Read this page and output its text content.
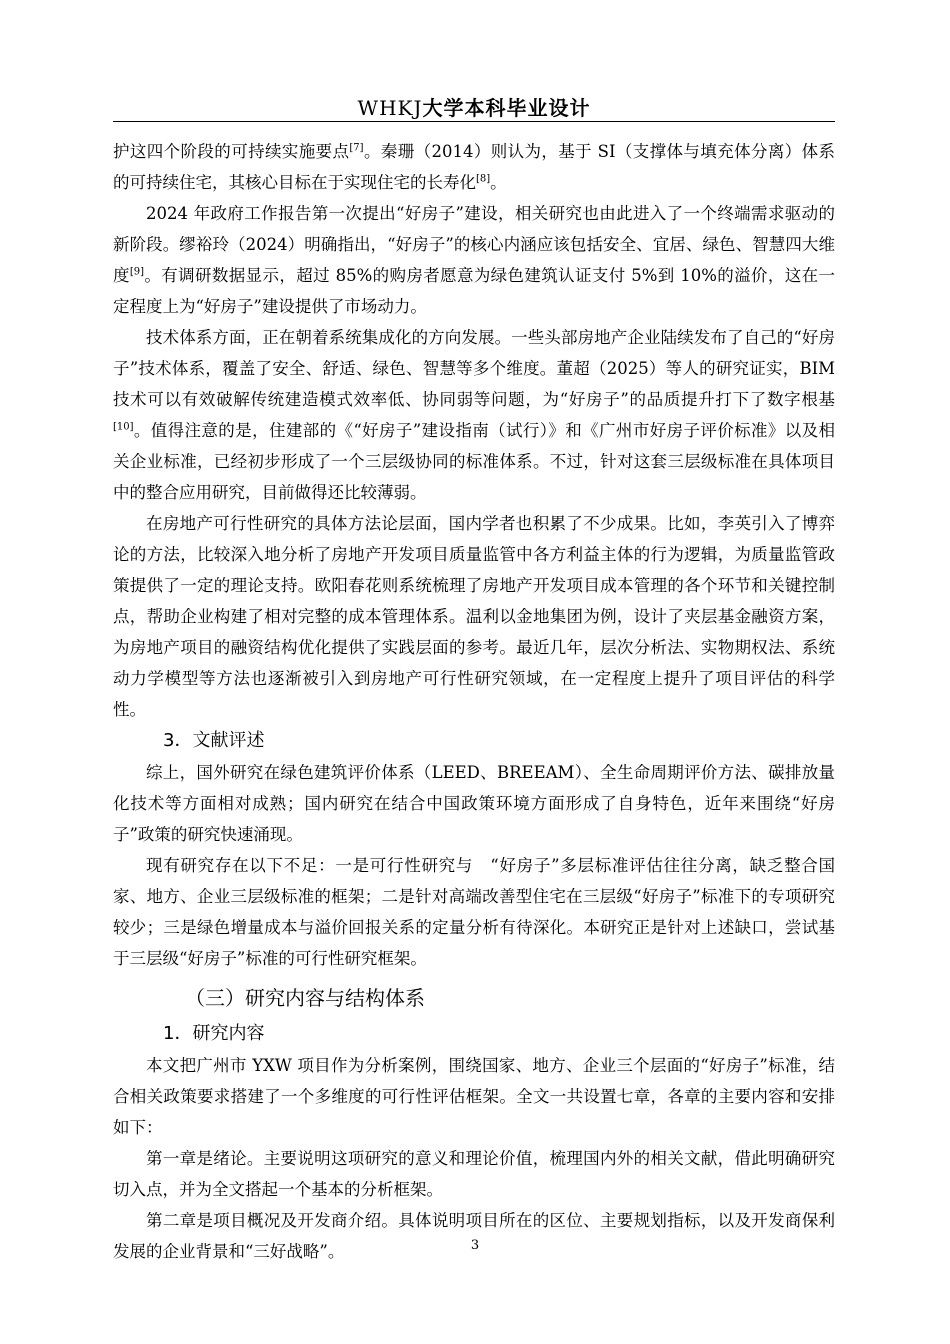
WHKJ大学本科毕业设计

护这四个阶段的可持续实施要点[7]。秦珊（2014）则认为，基于 SI（支撑体与填充体分离）体系的可持续住宅，其核心目标在于实现住宅的长寿化[8]。

2024 年政府工作报告第一次提出“好房子”建设，相关研究也由此进入了一个终端需求驱动的新阶段。缪裕玲（2024）明确指出，“好房子”的核心内涵应该包括安全、宜居、绿色、智慧四大维度[9]。有调研数据显示，超过 85%的购房者愿意为绿色建筑认证支付 5%到 10%的溢价，这在一定程度上为“好房子”建设提供了市场动力。

技术体系方面，正在朝着系统集成化的方向发展。一些头部房地产企业陆续发布了自己的“好房子”技术体系，覆盖了安全、舒适、绿色、智慧等多个维度。董超（2025）等人的研究证实，BIM 技术可以有效破解传统建造模式效率低、协同弱等问题，为“好房子”的品质提升打下了数字根基[10]。值得注意的是，住建部的《“好房子”建设指南（试行）》和《广州市好房子评价标准》以及相关企业标准，已经初步形成了一个三层级协同的标准体系。不过，针对这套三层级标准在具体项目中的整合应用研究，目前做得还比较薄弱。

在房地产可行性研究的具体方法论层面，国内学者也积累了不少成果。比如，李英引入了博弈论的方法，比较深入地分析了房地产开发项目质量监管中各方利益主体的行为逻辑，为质量监管政策提供了一定的理论支持。欧阳春花则系统梳理了房地产开发项目成本管理的各个环节和关键控制点，帮助企业构建了相对完整的成本管理体系。温利以金地集团为例，设计了夹层基金融资方案，为房地产项目的融资结构优化提供了实践层面的参考。最近几年，层次分析法、实物期权法、系统动力学模型等方法也逐渐被引入到房地产可行性研究领域，在一定程度上提升了项目评估的科学性。

3．文献评述

综上，国外研究在绿色建筑评价体系（LEED、BREEAM）、全生命周期评价方法、碳排放量化技术等方面相对成熟；国内研究在结合中国政策环境方面形成了自身特色，近年来围绕“好房子”政策的研究快速涌现。

现有研究存在以下不足：一是可行性研究与　“好房子”多层标准评估往往分离，缺乏整合国家、地方、企业三层级标准的框架；二是针对高端改善型住宅在三层级“好房子”标准下的专项研究较少；三是绿色增量成本与溢价回报关系的定量分析有待深化。本研究正是针对上述缺口，尝试基于三层级“好房子”标准的可行性研究框架。

（三）研究内容与结构体系
1．研究内容

本文把广州市 YXW 项目作为分析案例，围绕国家、地方、企业三个层面的“好房子”标准，结合相关政策要求搭建了一个多维度的可行性评估框架。全文一共设置七章，各章的主要内容和安排如下：

第一章是绪论。主要说明这项研究的意义和理论价值，梳理国内外的相关文献，借此明确研究切入点，并为全文搭起一个基本的分析框架。

第二章是项目概况及开发商介绍。具体说明项目所在的区位、主要规划指标，以及开发商保利发展的企业背景和“三好战略”。	3
